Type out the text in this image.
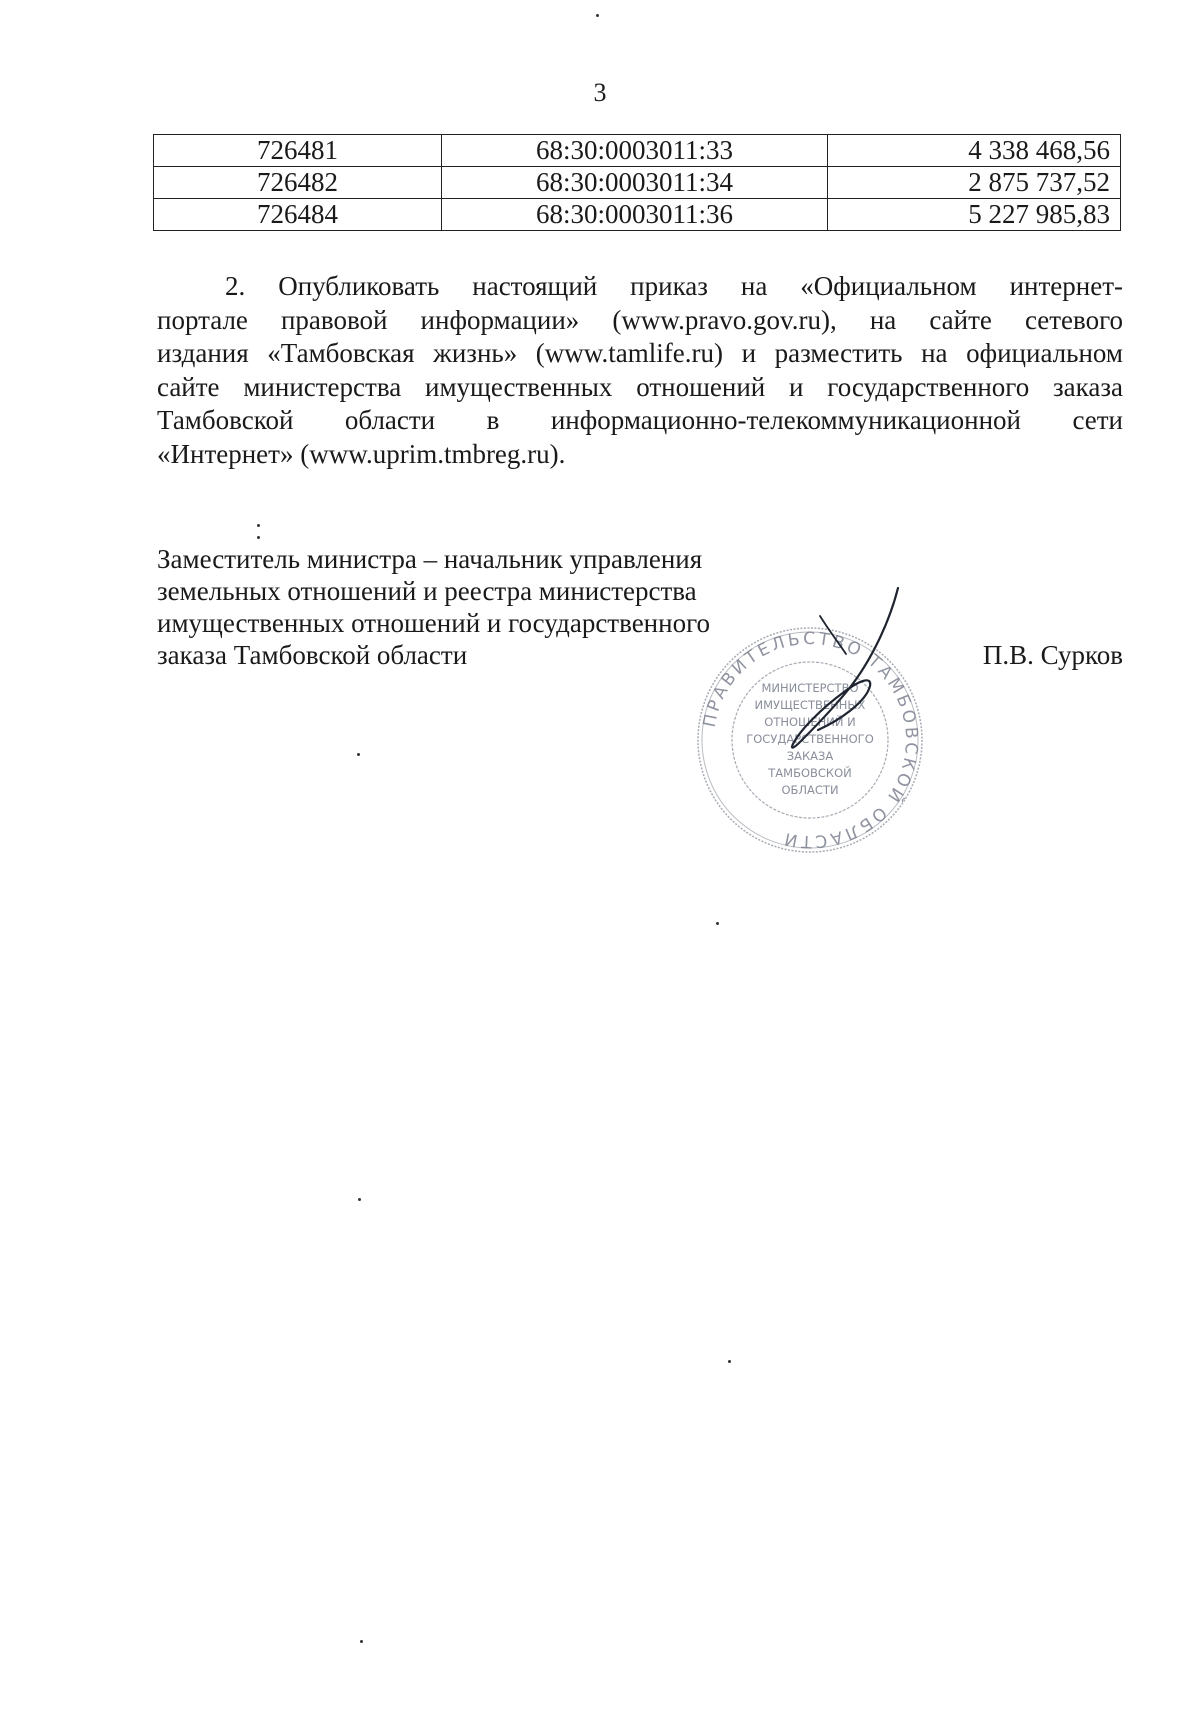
3
726481	68:30:0003011:33	4 338 468,56
726482	68:30:0003011:34	2 875 737,52
726484	68:30:0003011:36	5 227 985,83
2. Опубликовать настоящий приказ на «Официальном интернет-
портале правовой информации» (www.pravo.gov.ru), на сайте сетевого
издания «Тамбовская жизнь» (www.tamlife.ru) и разместить на официальном
сайте министерства имущественных отношений и государственного заказа
Тамбовской области в информационно-телекоммуникационной сети
«Интернет» (www.uprim.tmbreg.ru).
Заместитель министра – начальник управления
земельных отношений и реестра министерства
имущественных отношений и государственного
заказа Тамбовской области	П.В. Сурков
ПРАВИТЕЛЬСТВО ТАМБОВСКОЙ ОБЛАСТИ
МИНИСТЕРСТВО
ИМУЩЕСТВЕННЫХ
ОТНОШЕНИЙ И
ГОСУДАРСТВЕННОГО
ЗАКАЗА
ТАМБОВСКОЙ
ОБЛАСТИ
